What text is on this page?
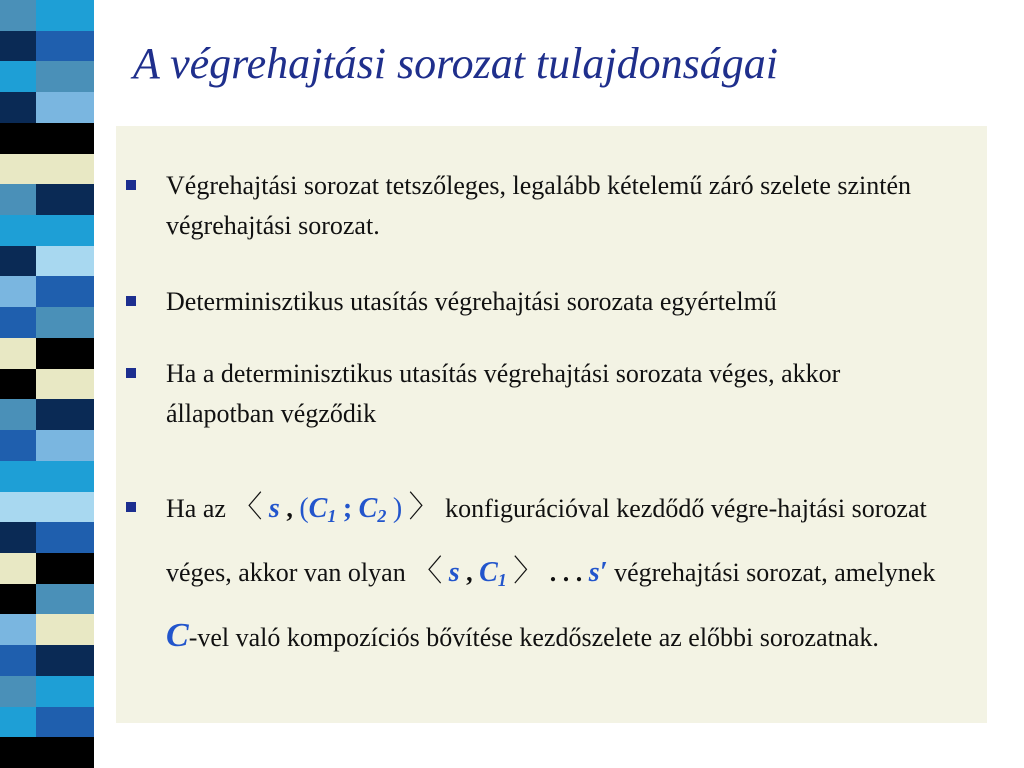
A végrehajtási sorozat tulajdonságai
Végrehajtási sorozat tetszőleges, legalább kételemű záró szelete szintén végrehajtási sorozat.
Determinisztikus utasítás végrehajtási sorozata egyértelmű
Ha a determinisztikus utasítás végrehajtási sorozata véges, akkor állapotban végződik
Ha az 〈 s , ($C_1$ ; $C_2$ ) 〉 konfigurációval kezdődő végre-hajtási sorozat véges, akkor van olyan 〈 s , $C_1$ 〉 . . . s′ végrehajtási sorozat, amelynek C-vel való kompozíciós bővítése kezdőszelete az előbbi sorozatnak.
